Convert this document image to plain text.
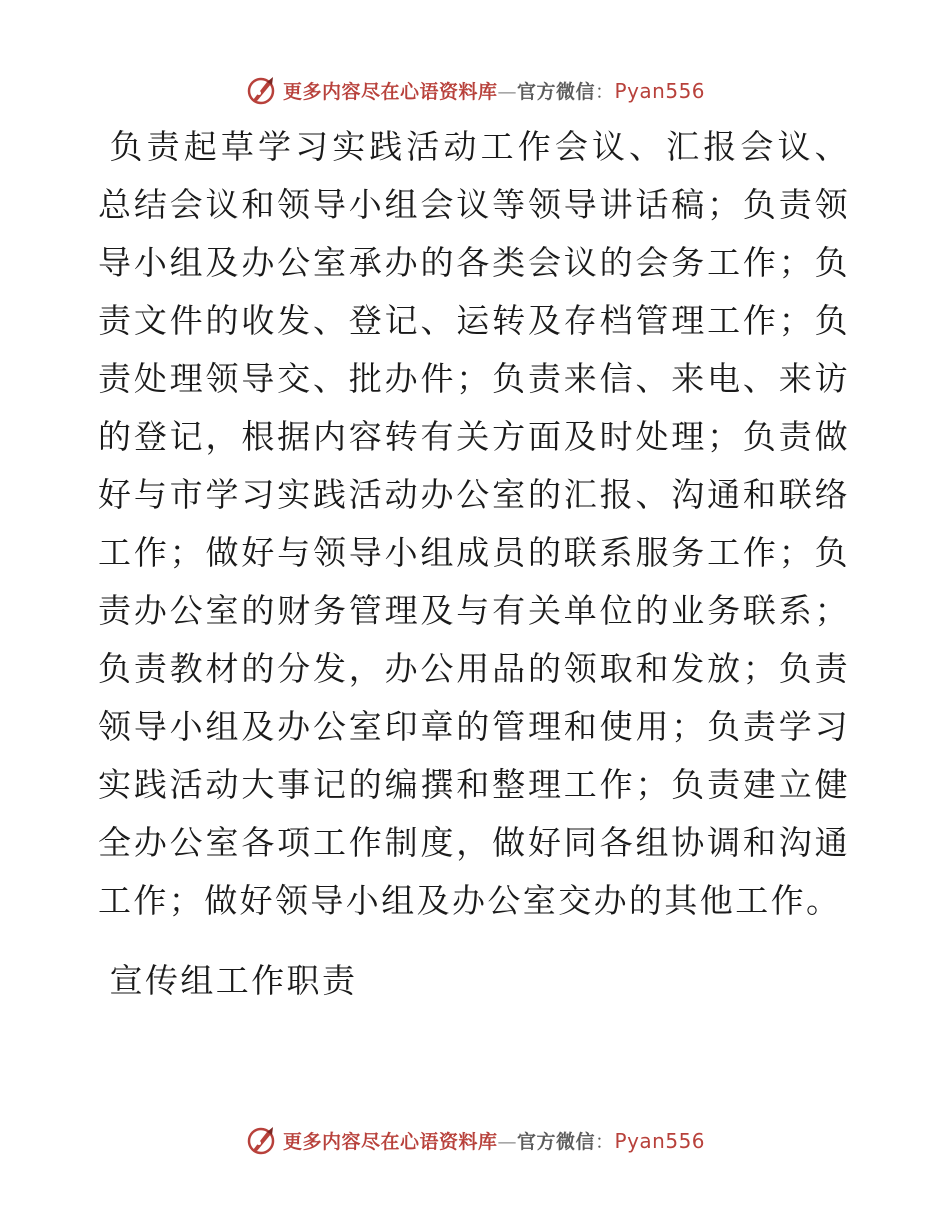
更多内容尽在心语资料库—官方微信：Pyan556

负责起草学习实践活动工作会议、汇报会议、总结会议和领导小组会议等领导讲话稿；负责领导小组及办公室承办的各类会议的会务工作；负责文件的收发、登记、运转及存档管理工作；负责处理领导交、批办件；负责来信、来电、来访的登记，根据内容转有关方面及时处理；负责做好与市学习实践活动办公室的汇报、沟通和联络工作；做好与领导小组成员的联系服务工作；负责办公室的财务管理及与有关单位的业务联系；负责教材的分发，办公用品的领取和发放；负责领导小组及办公室印章的管理和使用；负责学习实践活动大事记的编撰和整理工作；负责建立健全办公室各项工作制度，做好同各组协调和沟通工作；做好领导小组及办公室交办的其他工作。

宣传组工作职责
更多内容尽在心语资料库—官方微信：Pyan556
